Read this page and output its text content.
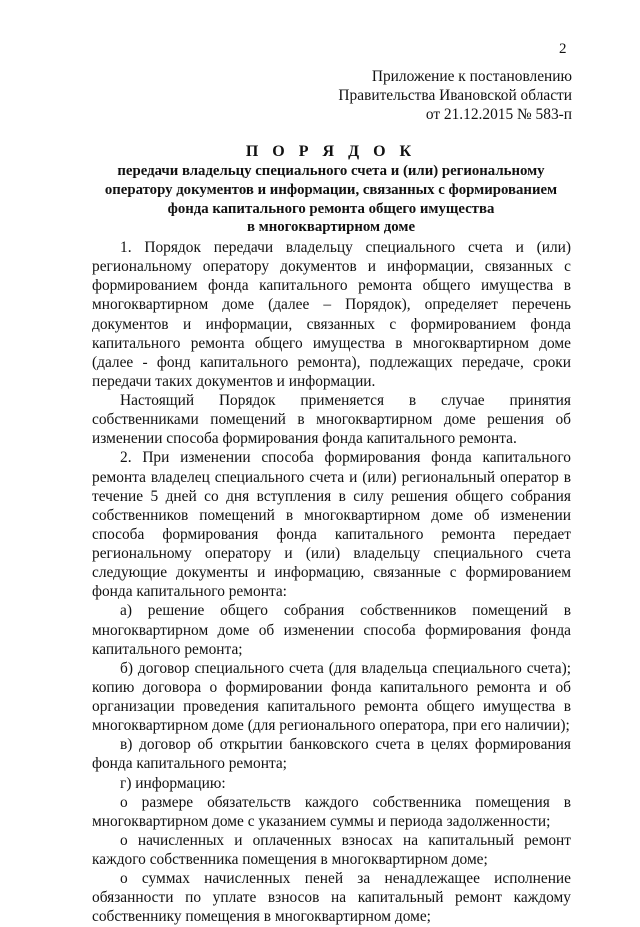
2
Приложение к постановлению
Правительства Ивановской области
от 21.12.2015 № 583-п
П О Р Я Д О К
передачи владельцу специального счета и (или) региональному
оператору документов и информации, связанных с формированием
фонда капитального ремонта общего имущества
в многоквартирном доме

1. Порядок передачи владельцу специального счета и (или) региональному оператору документов и информации, связанных с формированием фонда капитального ремонта общего имущества в многоквартирном доме (далее – Порядок), определяет перечень документов и информации, связанных с формированием фонда капитального ремонта общего имущества в многоквартирном доме (далее - фонд капитального ремонта), подлежащих передаче, сроки передачи таких документов и информации.

Настоящий Порядок применяется в случае принятия собственниками помещений в многоквартирном доме решения об изменении способа формирования фонда капитального ремонта.

2. При изменении способа формирования фонда капитального ремонта владелец специального счета и (или) региональный оператор в течение 5 дней со дня вступления в силу решения общего собрания собственников помещений в многоквартирном доме об изменении способа формирования фонда капитального ремонта передает региональному оператору и (или) владельцу специального счета следующие документы и информацию, связанные с формированием фонда капитального ремонта:

а) решение общего собрания собственников помещений в многоквартирном доме об изменении способа формирования фонда капитального ремонта;

б) договор специального счета (для владельца специального счета); копию договора о формировании фонда капитального ремонта и об организации проведения капитального ремонта общего имущества в многоквартирном доме (для регионального оператора, при его наличии);

в) договор об открытии банковского счета в целях формирования фонда капитального ремонта;

г) информацию:

о размере обязательств каждого собственника помещения в многоквартирном доме с указанием суммы и периода задолженности;

о начисленных и оплаченных взносах на капитальный ремонт каждого собственника помещения в многоквартирном доме;

о суммах начисленных пеней за ненадлежащее исполнение обязанности по уплате взносов на капитальный ремонт каждому собственнику помещения в многоквартирном доме;
